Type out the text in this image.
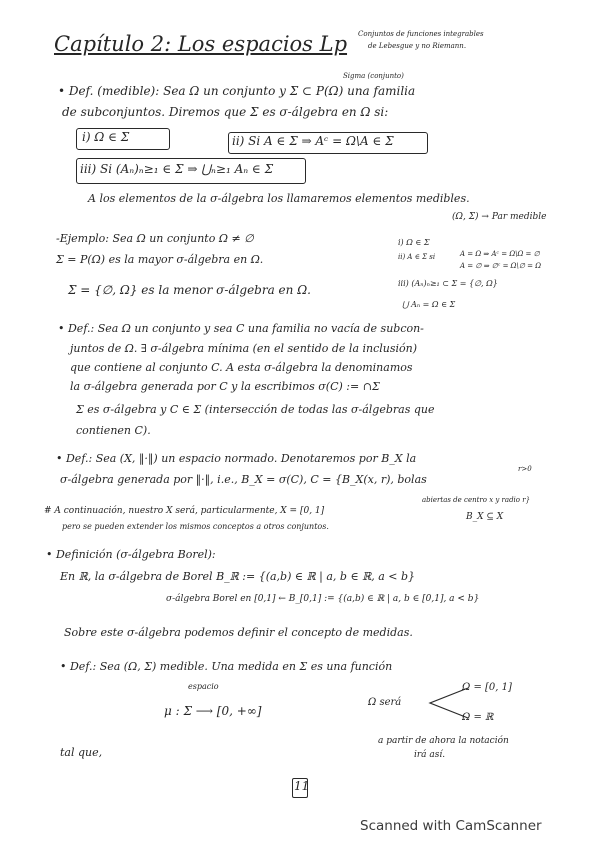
Capítulo 2: Los espacios Lp Conjuntos de funciones integrables
de Lebesgue y no Riemann.
Sigma (conjunto)
• Def. (medible): Sea Ω un conjunto y Σ ⊂ P(Ω) una familia
de subconjuntos. Diremos que Σ es σ-álgebra en Ω si:
i) Ω ∈ Σ	ii) Si A ∈ Σ ⇒ Aᶜ = Ω\A ∈ Σ
iii) Si (Aₙ)ₙ≥₁ ∈ Σ ⇒ ⋃ₙ≥₁ Aₙ ∈ Σ
A los elementos de la σ-álgebra los llamaremos elementos medibles.
(Ω, Σ) → Par medible
-Ejemplo: Sea Ω un conjunto Ω ≠ ∅
Σ = P(Ω) es la mayor σ-álgebra en Ω.
Σ = {∅, Ω} es la menor σ-álgebra en Ω.
i) Ω ∈ Σ
ii) A ∈ Σ si	A = Ω ⇒ Aᶜ = Ω\Ω = ∅
A = ∅ ⇒ ∅ᶜ = Ω\∅ = Ω
iii) (Aₙ)ₙ≥₁ ⊂ Σ = {∅, Ω}
⋃ Aₙ = Ω ∈ Σ
• Def.: Sea Ω un conjunto y sea C una familia no vacía de subcon-
juntos de Ω. ∃ σ-álgebra mínima (en el sentido de la inclusión)
que contiene al conjunto C. A esta σ-álgebra la denominamos
la σ-álgebra generada por C y la escribimos σ(C) := ∩Σ
Σ es σ-álgebra y C ∈ Σ (intersección de todas las σ-álgebras que
contienen C).
• Def.: Sea (X, ‖·‖) un espacio normado. Denotaremos por B_X la
r>0
σ-álgebra generada por ‖·‖, i.e., B_X = σ(C), C = {B_X(x, r), bolas
abiertas de centro x y radio r}
B_X ⊆ X
# A continuación, nuestro X será, particularmente, X = [0, 1]
pero se pueden extender los mismos conceptos a otros conjuntos.
• Definición (σ-álgebra Borel):
En ℝ, la σ-álgebra de Borel B_ℝ := {(a,b) ∈ ℝ | a, b ∈ ℝ, a < b}
σ-álgebra Borel en [0,1] ← B_[0,1] := {(a,b) ∈ ℝ | a, b ∈ [0,1], a < b}
Sobre este σ-álgebra podemos definir el concepto de medidas.
• Def.: Sea (Ω, Σ) medible. Una medida en Σ es una función
espacio
μ : Σ ⟶ [0, +∞]
Ω será
Ω = [0, 1]
Ω = ℝ
a partir de ahora la notación
irá así.
tal que,
11
Scanned with CamScanner
